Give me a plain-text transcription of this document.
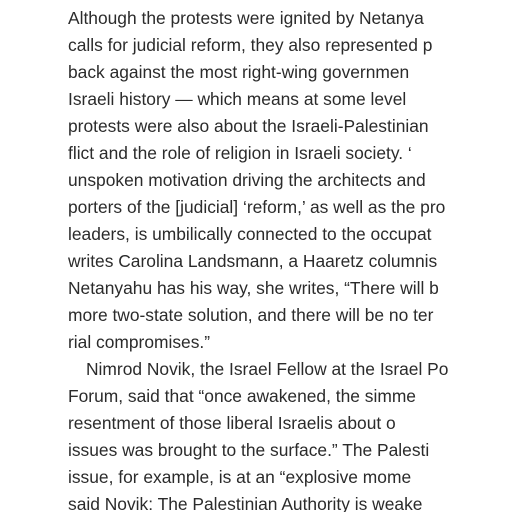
Although the protests were ignited by Netanya
calls for judicial reform, they also represented p
back against the most right-wing governmen
Israeli history — which means at some level
protests were also about the Israeli-Palestinian
flict and the role of religion in Israeli society. ‘
unspoken motivation driving the architects and
porters of the [judicial] ‘reform,’ as well as the pro
leaders, is umbilically connected to the occupat
writes Carolina Landsmann, a Haaretz columnis
Netanyahu has his way, she writes, “There will b
more two-state solution, and there will be no ter
rial compromises.”
Nimrod Novik, the Israel Fellow at the Israel Po
Forum, said that “once awakened, the simme
resentment of those liberal Israelis about o
issues was brought to the surface.” The Palesti
issue, for example, is at an “explosive mome
said Novik: The Palestinian Authority is weake
